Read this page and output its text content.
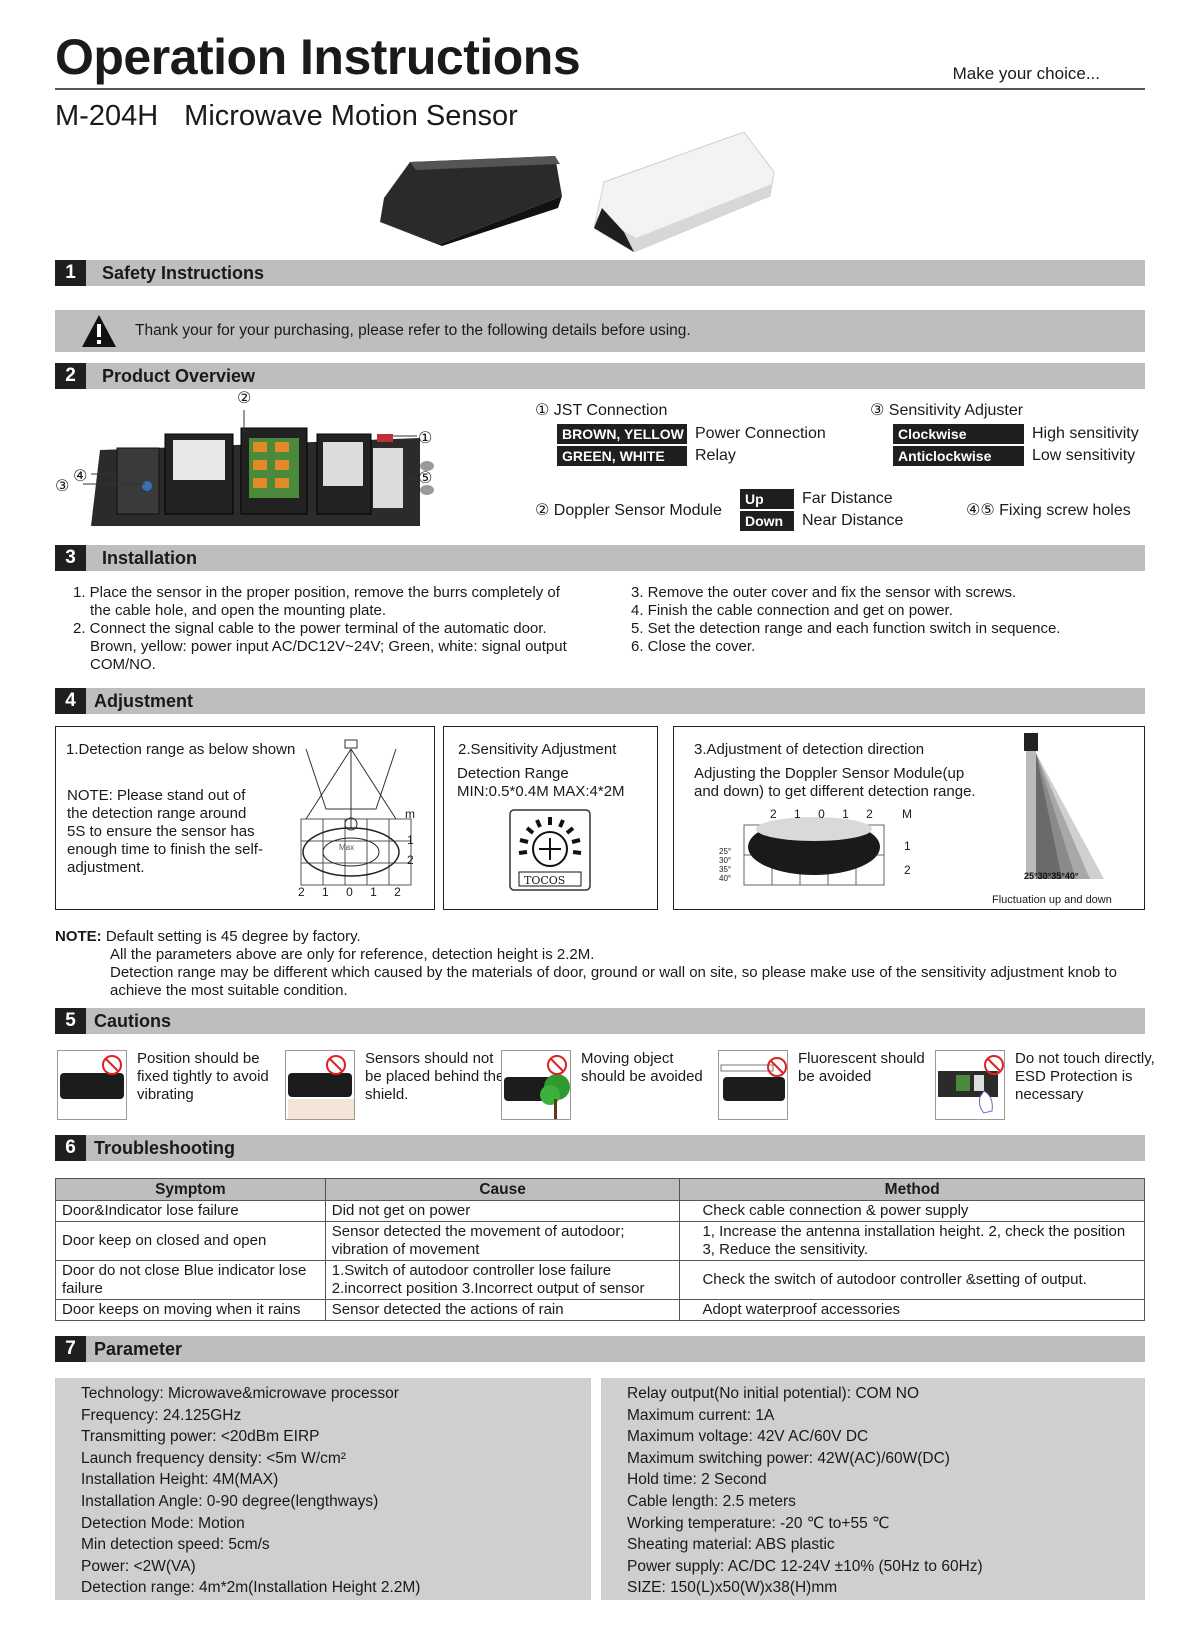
Operation Instructions	Make your choice...
M-204H Microwave Motion Sensor
1	Safety Instructions
Thank your for your purchasing, please refer to the following details before using.
2	Product Overview
②
①
④
③	⑤
① JST Connection
BROWN, YELLOW Power Connection
GREEN, WHITE	Relay
③ Sensitivity Adjuster
Clockwise	High sensitivity
Anticlockwise	Low sensitivity
② Doppler Sensor Module
Up	Far Distance
Down	Near Distance
④⑤ Fixing screw holes
3	Installation

1. Place the sensor in the proper position, remove the burrs completely of the cable hole, and open the mounting plate.

2. Connect the signal cable to the power terminal of the automatic door. Brown, yellow: power input AC/DC12V~24V; Green, white: signal output COM/NO.

3. Remove the outer cover and fix the sensor with screws.

4. Finish the cable connection and get on power.

5. Set the detection range and each function switch in sequence.

6. Close the cover.

4	Adjustment
1.Detection range as below shown
NOTE: Please stand out of
the detection range around
5S to ensure the sensor has
enough time to finish the self-
adjustment.
Max
m
1
2
2 1 0 1 2
2.Sensitivity Adjustment
Detection Range
MIN:0.5*0.4M MAX:4*2M
TOCOS
3.Adjustment of detection direction
Adjusting the Doppler Sensor Module(up
and down) to get different detection range.
2 1 0 1 2 M
1
2
25°
30°
35°
40°	25°30°35°40°
Fluctuation up and down
NOTE: Default setting is 45 degree by factory.
All the parameters above are only for reference, detection height is 2.2M.
Detection range may be different which caused by the materials of door, ground or wall on site, so please make use of the sensitivity adjustment knob to achieve the most suitable condition.
5	Cautions
Position should be fixed tightly to avoid vibrating
Sensors should not be placed behind the shield.
Moving object should be avoided
Fluorescent should be avoided
Do not touch directly, ESD Protection is necessary
6	Troubleshooting
Symptom	Cause	Method
Door&Indicator lose failure	Did not get on power	Check cable connection & power supply
Door keep on closed and open	Sensor detected the movement of autodoor; vibration of movement	1, Increase the antenna installation height. 2, check the position 3, Reduce the sensitivity.
Door do not close Blue indicator lose failure	1.Switch of autodoor controller lose failure 2.incorrect position 3.Incorrect output of sensor	Check the switch of autodoor controller &setting of output.
Door keeps on moving when it rains	Sensor detected the actions of rain	Adopt waterproof accessories
7	Parameter
Technology: Microwave&microwave processor
Frequency: 24.125GHz
Transmitting power: <20dBm EIRP
Launch frequency density: <5m W/cm²
Installation Height: 4M(MAX)
Installation Angle: 0-90 degree(lengthways)
Detection Mode: Motion
Min detection speed: 5cm/s
Power: <2W(VA)
Detection range: 4m*2m(Installation Height 2.2M)
Relay output(No initial potential): COM NO
Maximum current: 1A
Maximum voltage: 42V AC/60V DC
Maximum switching power: 42W(AC)/60W(DC)
Hold time: 2 Second
Cable length: 2.5 meters
Working temperature: -20 ℃ to+55 ℃
Sheating material: ABS plastic
Power supply: AC/DC 12-24V ±10% (50Hz to 60Hz)
SIZE: 150(L)x50(W)x38(H)mm
